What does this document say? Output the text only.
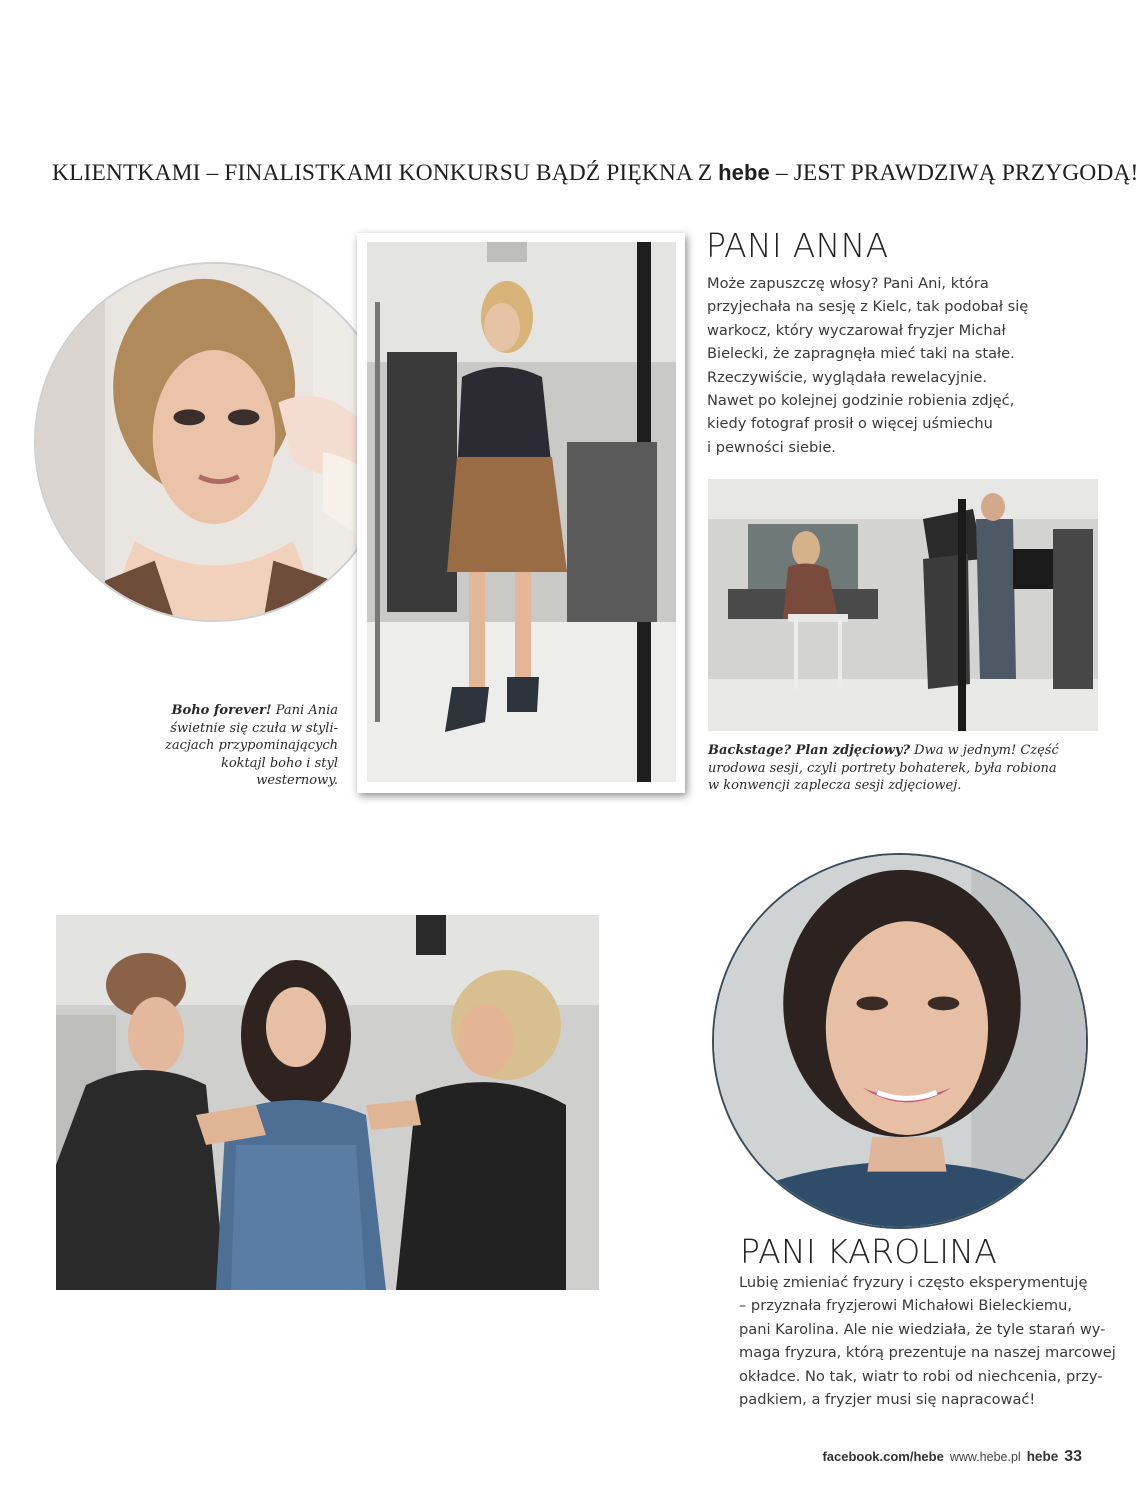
KLIENTKAMI – FINALISTKAMI KONKURSU BĄDŹ PIĘKNA Z hebe – JEST PRAWDZIWĄ PRZYGODĄ!
PANI ANNA
Może zapuszczę włosy? Pani Ani, która
przyjechała na sesję z Kielc, tak podobał się
warkocz, który wyczarował fryzjer Michał
Bielecki, że zapragnęła mieć taki na stałe.
Rzeczywiście, wyglądała rewelacyjnie.
Nawet po kolejnej godzinie robienia zdjęć,
kiedy fotograf prosił o więcej uśmiechu
i pewności siebie.
Boho forever! Pani Ania
świetnie się czuła w styli-
zacjach przypominających
koktajl boho i styl
westernowy.
Backstage? Plan zdjęciowy? Dwa w jednym! Część
urodowa sesji, czyli portrety bohaterek, była robiona
w konwencji zaplecza sesji zdjęciowej.
PANI KAROLINA
Lubię zmieniać fryzury i często eksperymentuję
– przyznała fryzjerowi Michałowi Bieleckiemu,
pani Karolina. Ale nie wiedziała, że tyle starań wy-
maga fryzura, którą prezentuje na naszej marcowej
okładce. No tak, wiatr to robi od niechcenia, przy-
padkiem, a fryzjer musi się napracować!
facebook.com/hebe www.hebe.pl hebe 33
